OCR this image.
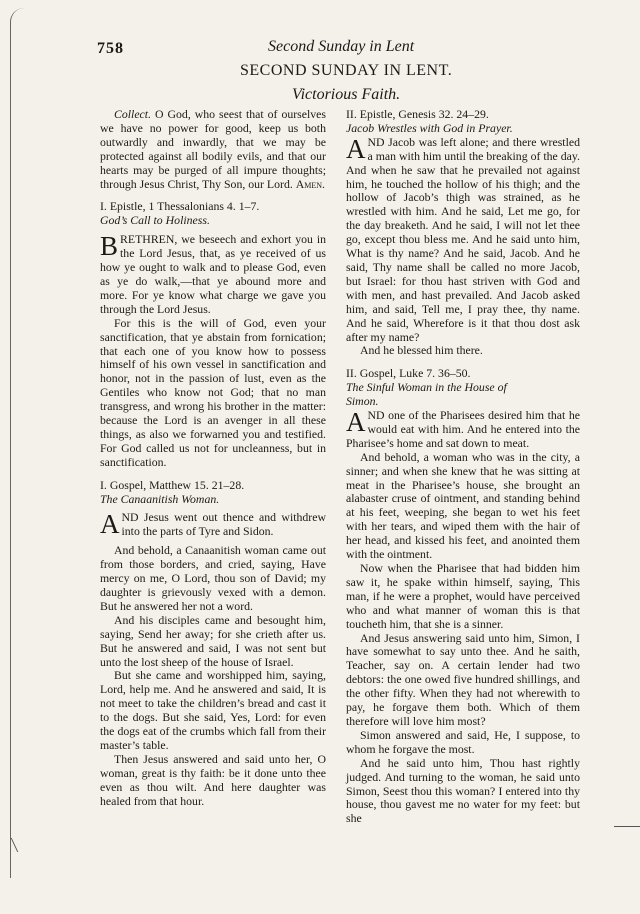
758	Second Sunday in Lent
SECOND SUNDAY IN LENT.
Victorious Faith.

Collect. O God, who seest that of ourselves we have no power for good, keep us both outwardly and inwardly, that we may be protected against all bodily evils, and that our hearts may be purged of all impure thoughts; through Jesus Christ, Thy Son, our Lord. Amen.

I. Epistle, 1 Thessalonians 4. 1–7.

God’s Call to Holiness.

BRETHREN, we beseech and exhort you in the Lord Jesus, that, as ye received of us how ye ought to walk and to please God, even as ye do walk,—that ye abound more and more. For ye know what charge we gave you through the Lord Jesus.

For this is the will of God, even your sanctification, that ye abstain from fornication; that each one of you know how to possess himself of his own vessel in sanctification and honor, not in the passion of lust, even as the Gentiles who know not God; that no man transgress, and wrong his brother in the matter: because the Lord is an avenger in all these things, as also we forwarned you and testified. For God called us not for uncleanness, but in sanctification.

I. Gospel, Matthew 15. 21–28.

The Canaanitish Woman.

AND Jesus went out thence and withdrew into the parts of Tyre and Sidon.

And behold, a Canaanitish woman came out from those borders, and cried, saying, Have mercy on me, O Lord, thou son of David; my daughter is grievously vexed with a demon. But he answered her not a word.

And his disciples came and besought him, saying, Send her away; for she crieth after us. But he answered and said, I was not sent but unto the lost sheep of the house of Israel.

But she came and worshipped him, saying, Lord, help me. And he answered and said, It is not meet to take the children’s bread and cast it to the dogs. But she said, Yes, Lord: for even the dogs eat of the crumbs which fall from their master’s table.

Then Jesus answered and said unto her, O woman, great is thy faith: be it done unto thee even as thou wilt. And here daughter was healed from that hour.

II. Epistle, Genesis 32. 24–29.

Jacob Wrestles with God in Prayer.

AND Jacob was left alone; and there wrestled a man with him until the breaking of the day. And when he saw that he prevailed not against him, he touched the hollow of his thigh; and the hollow of Jacob’s thigh was strained, as he wrestled with him. And he said, Let me go, for the day breaketh. And he said, I will not let thee go, except thou bless me. And he said unto him, What is thy name? And he said, Jacob. And he said, Thy name shall be called no more Jacob, but Israel: for thou hast striven with God and with men, and hast prevailed. And Jacob asked him, and said, Tell me, I pray thee, thy name. And he said, Wherefore is it that thou dost ask after my name?

And he blessed him there.

II. Gospel, Luke 7. 36–50.

The Sinful Woman in the House of

Simon.

AND one of the Pharisees desired him that he would eat with him. And he entered into the Pharisee’s home and sat down to meat.

And behold, a woman who was in the city, a sinner; and when she knew that he was sitting at meat in the Pharisee’s house, she brought an alabaster cruse of ointment, and standing behind at his feet, weeping, she began to wet his feet with her tears, and wiped them with the hair of her head, and kissed his feet, and anointed them with the ointment.

Now when the Pharisee that had bidden him saw it, he spake within himself, saying, This man, if he were a prophet, would have perceived who and what manner of woman this is that toucheth him, that she is a sinner.

And Jesus answering said unto him, Simon, I have somewhat to say unto thee. And he saith, Teacher, say on. A certain lender had two debtors: the one owed five hundred shillings, and the other fifty. When they had not wherewith to pay, he forgave them both. Which of them therefore will love him most?

Simon answered and said, He, I suppose, to whom he forgave the most.

And he said unto him, Thou hast rightly judged. And turning to the woman, he said unto Simon, Seest thou this woman? I entered into thy house, thou gavest me no water for my feet: but she
